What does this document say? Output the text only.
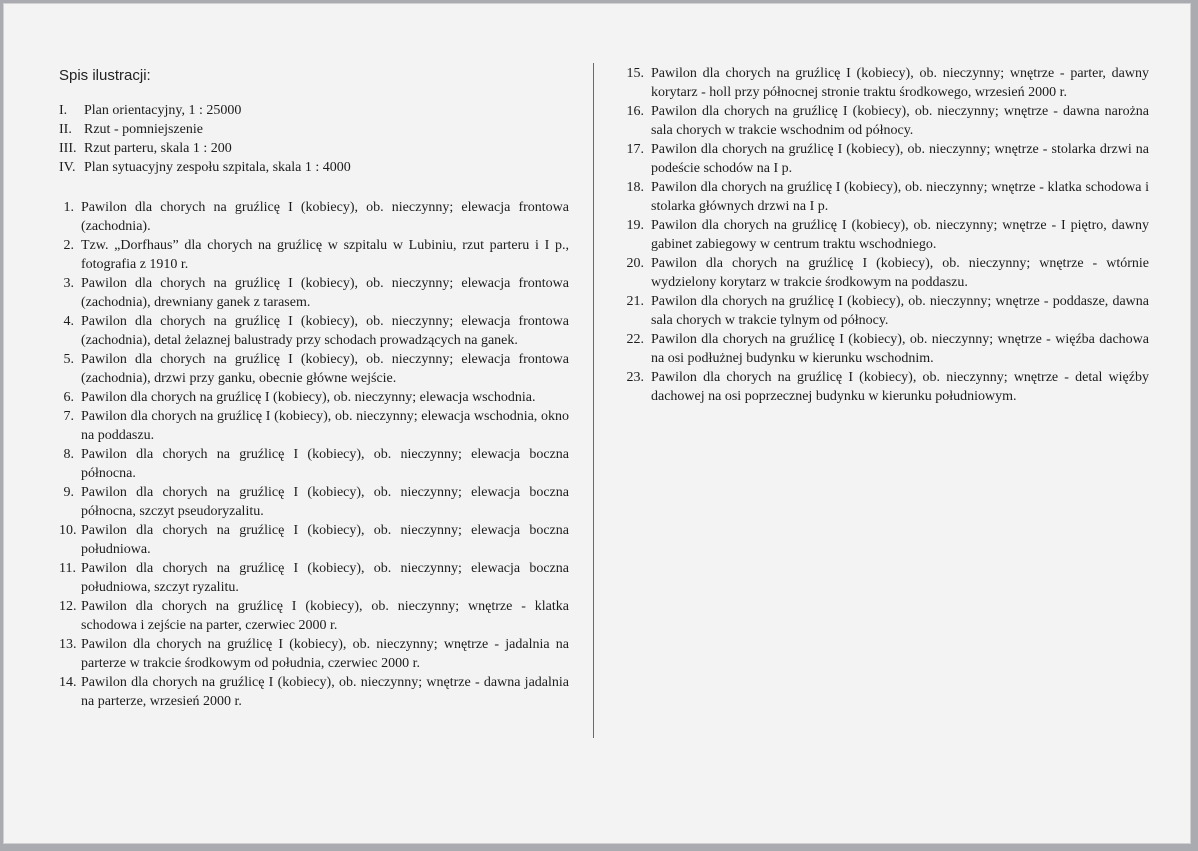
Spis ilustracji:
I.	Plan orientacyjny, 1 : 25000
II. Rzut - pomniejszenie
III. Rzut parteru, skala 1 : 200
IV. Plan sytuacyjny zespołu szpitala, skala 1 : 4000
1. Pawilon dla chorych na gruźlicę I (kobiecy), ob. nieczynny; elewacja frontowa (zachodnia).
2. Tzw. „Dorfhaus” dla chorych na gruźlicę w szpitalu w Lubiniu, rzut parteru i I p., fotografia z 1910 r.
3. Pawilon dla chorych na gruźlicę I (kobiecy), ob. nieczynny; elewacja frontowa (zachodnia), drewniany ganek z tarasem.
4. Pawilon dla chorych na gruźlicę I (kobiecy), ob. nieczynny; elewacja frontowa (zachodnia), detal żelaznej balustrady przy schodach prowadzących na ganek.
5. Pawilon dla chorych na gruźlicę I (kobiecy), ob. nieczynny; elewacja frontowa (zachodnia), drzwi przy ganku, obecnie główne wejście.
6. Pawilon dla chorych na gruźlicę I (kobiecy), ob. nieczynny; elewacja wschodnia.
7. Pawilon dla chorych na gruźlicę I (kobiecy), ob. nieczynny; elewacja wschodnia, okno na poddaszu.
8. Pawilon dla chorych na gruźlicę I (kobiecy), ob. nieczynny; elewacja boczna północna.
9. Pawilon dla chorych na gruźlicę I (kobiecy), ob. nieczynny; elewacja boczna północna, szczyt pseudoryzalitu.
10. Pawilon dla chorych na gruźlicę I (kobiecy), ob. nieczynny; elewacja boczna południowa.
11. Pawilon dla chorych na gruźlicę I (kobiecy), ob. nieczynny; elewacja boczna południowa, szczyt ryzalitu.
12. Pawilon dla chorych na gruźlicę I (kobiecy), ob. nieczynny; wnętrze - klatka schodowa i zejście na parter, czerwiec 2000 r.
13. Pawilon dla chorych na gruźlicę I (kobiecy), ob. nieczynny; wnętrze - jadalnia na parterze w trakcie środkowym od południa, czerwiec 2000 r.
14. Pawilon dla chorych na gruźlicę I (kobiecy), ob. nieczynny; wnętrze - dawna jadalnia na parterze, wrzesień 2000 r.
15. Pawilon dla chorych na gruźlicę I (kobiecy), ob. nieczynny; wnętrze - parter, dawny korytarz - holl przy północnej stronie traktu środkowego, wrzesień 2000 r.
16. Pawilon dla chorych na gruźlicę I (kobiecy), ob. nieczynny; wnętrze - dawna narożna sala chorych w trakcie wschodnim od północy.
17. Pawilon dla chorych na gruźlicę I (kobiecy), ob. nieczynny; wnętrze - stolarka drzwi na podeście schodów na I p.
18. Pawilon dla chorych na gruźlicę I (kobiecy), ob. nieczynny; wnętrze - klatka schodowa i stolarka głównych drzwi na I p.
19. Pawilon dla chorych na gruźlicę I (kobiecy), ob. nieczynny; wnętrze - I piętro, dawny gabinet zabiegowy w centrum traktu wschodniego.
20. Pawilon dla chorych na gruźlicę I (kobiecy), ob. nieczynny; wnętrze - wtórnie wydzielony korytarz w trakcie środkowym na poddaszu.
21. Pawilon dla chorych na gruźlicę I (kobiecy), ob. nieczynny; wnętrze - poddasze, dawna sala chorych w trakcie tylnym od północy.
22. Pawilon dla chorych na gruźlicę I (kobiecy), ob. nieczynny; wnętrze - więźba dachowa na osi podłużnej budynku w kierunku wschodnim.
23. Pawilon dla chorych na gruźlicę I (kobiecy), ob. nieczynny; wnętrze - detal więźby dachowej na osi poprzecznej budynku w kierunku południowym.
